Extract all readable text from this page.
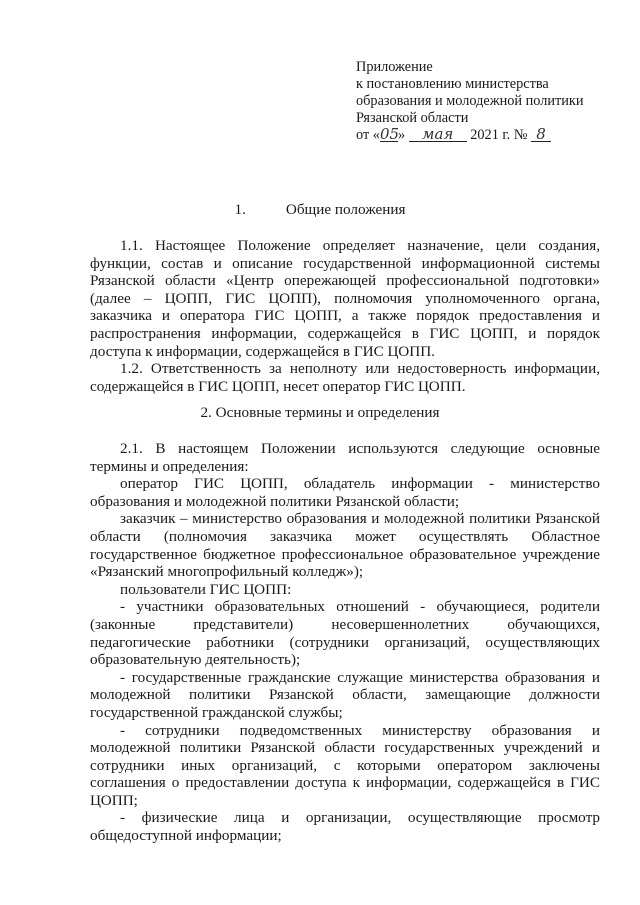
Приложение
к постановлению министерства
образования и молодежной политики
Рязанской области
от «05» мая 2021 г. № 8
1.	Общие положения

1.1. Настоящее Положение определяет назначение, цели создания, функции, состав и описание государственной информационной системы Рязанской области «Центр опережающей профессиональной подготовки» (далее – ЦОПП, ГИС ЦОПП), полномочия уполномоченного органа, заказчика и оператора ГИС ЦОПП, а также порядок предоставления и распространения информации, содержащейся в ГИС ЦОПП, и порядок доступа к информации, содержащейся в ГИС ЦОПП.

1.2. Ответственность за неполноту или недостоверность информации, содержащейся в ГИС ЦОПП, несет оператор ГИС ЦОПП.

2. Основные термины и определения

2.1. В настоящем Положении используются следующие основные термины и определения:

оператор ГИС ЦОПП, обладатель информации - министерство образования и молодежной политики Рязанской области;

заказчик – министерство образования и молодежной политики Рязанской области (полномочия заказчика может осуществлять Областное государственное бюджетное профессиональное образовательное учреждение «Рязанский многопрофильный колледж»);

пользователи ГИС ЦОПП:

- участники образовательных отношений - обучающиеся, родители (законные представители) несовершеннолетних обучающихся, педагогические работники (сотрудники организаций, осуществляющих образовательную деятельность);

- государственные гражданские служащие министерства образования и молодежной политики Рязанской области, замещающие должности государственной гражданской службы;

- сотрудники подведомственных министерству образования и молодежной политики Рязанской области государственных учреждений и сотрудники иных организаций, с которыми оператором заключены соглашения о предоставлении доступа к информации, содержащейся в ГИС ЦОПП;

- физические лица и организации, осуществляющие просмотр общедоступной информации;
